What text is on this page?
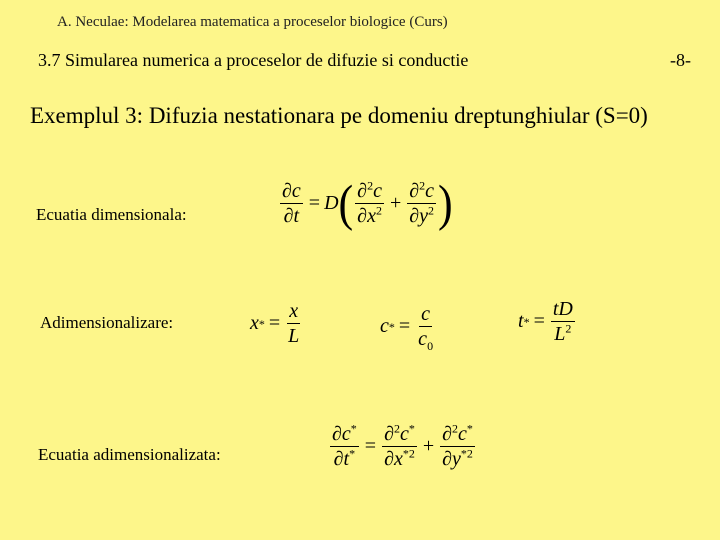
A. Neculae: Modelarea matematica a proceselor biologice (Curs)
3.7 Simularea numerica a proceselor de difuzie si conductie	-8-
Exemplul 3: Difuzia nestationara pe domeniu dreptunghiular (S=0)
Ecuatia dimensionala:
Adimensionalizare:
Ecuatia adimensionalizata:
$\frac{\partial c}{\partial t} = D$ ( $\frac{\partial^2c}{\partial x^2} + \frac{\partial^2c}{\partial y^2}$ )
x * = $\frac{x}{L}$	c * = $\frac{c}{c_0}$	t * = $\frac{tD}{L^2}$
$\frac{\partial c^*}{\partial t^*} = \frac{\partial^2c^*}{\partial x^{*2}} + \frac{\partial^2c^*}{\partial y^{*2}}$
